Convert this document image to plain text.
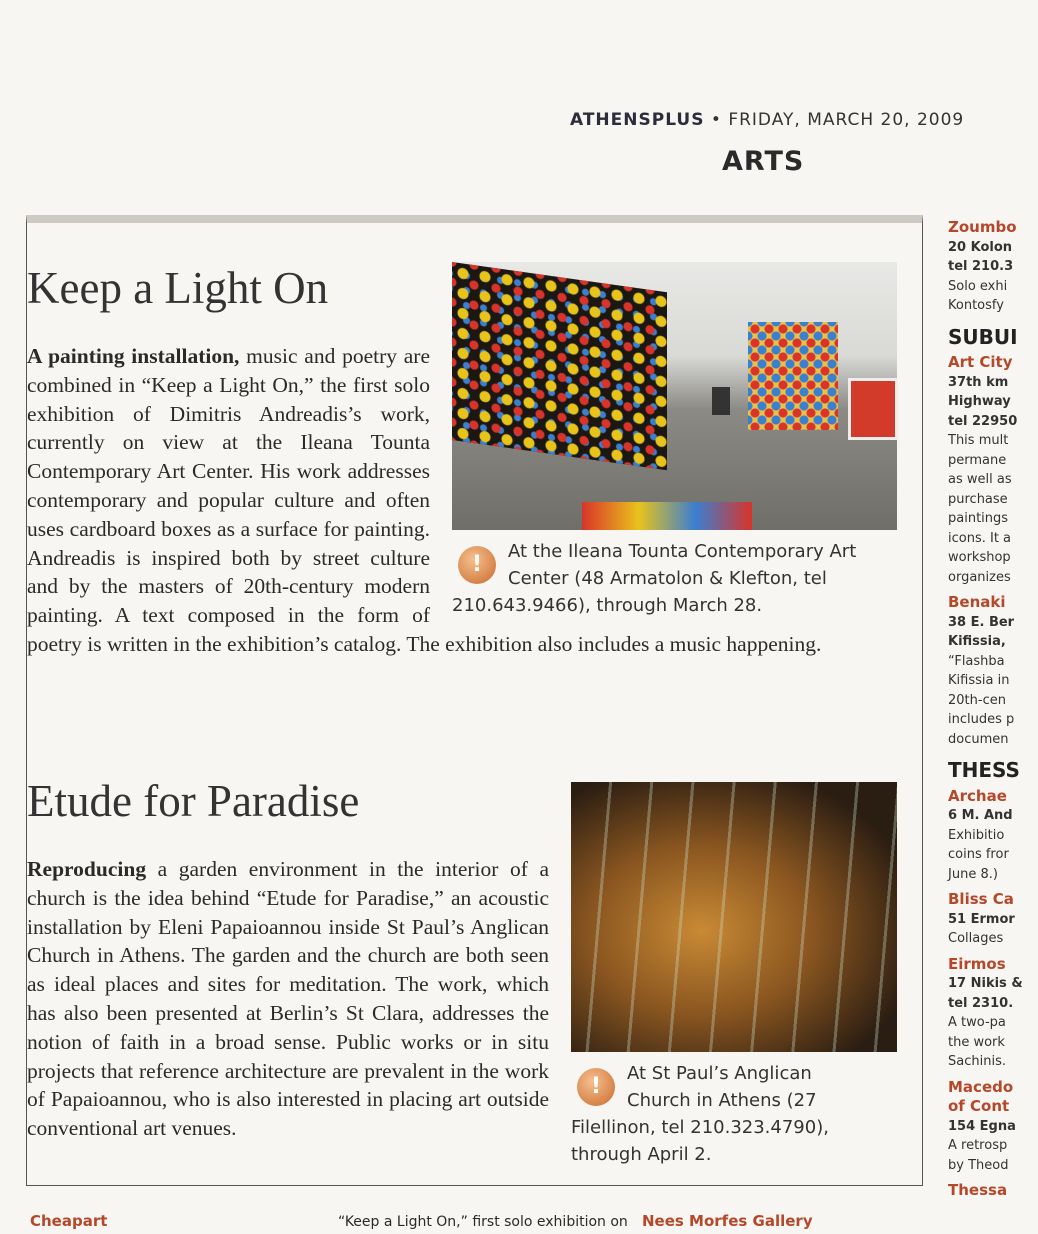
ATHENSPLUS • FRIDAY, MARCH 20, 2009
ARTS
!
At the Ileana Tounta Contemporary Art Center (48 Armatolon & Klefton, tel 210.643.9466), through March 28.
Keep a Light On

A painting installation, music and poetry are combined in “Keep a Light On,” the first solo exhibition of Dimitris Andreadis’s work, currently on view at the Ileana Tounta Contemporary Art Center. His work addresses contemporary and popular culture and often uses cardboard boxes as a surface for painting. Andreadis is inspired both by street culture and by the masters of 20th-century modern painting. A text composed in the form of poetry is written in the exhibition’s catalog. The exhibition also includes a music happening.

!
At St Paul’s Anglican Church in Athens (27 Filellinon, tel 210.323.4790), through April 2.
Etude for Paradise

Reproducing a garden environment in the interior of a church is the idea behind “Etude for Paradise,” an acoustic installation by Eleni Papaioannou inside St Paul’s Anglican Church in Athens. The garden and the church are both seen as ideal places and sites for meditation. The work, which has also been presented at Berlin’s St Clara, addresses the notion of faith in a broad sense. Public works or in situ projects that reference architecture are prevalent in the work of Papaioannou, who is also interested in placing art outside conventional art venues.

Zoumbo
20 Kolon
tel 210.3
Solo exhi
Kontosfy
SUBUI
Art City
37th km
Highway
tel 22950
This mult
permane
as well as
purchase
paintings
icons. It a
workshop
organizes
Benaki
38 E. Ber
Kifissia,
“Flashba
Kifissia in
20th-cen
includes p
documen
THESS
Archae
6 M. And
Exhibitio
coins fror
June 8.)
Bliss Ca
51 Ermor
Collages
Eirmos
17 Nikis &
tel 2310.
A two-pa
the work
Sachinis.
Macedo
of Cont
154 Egna
A retrosp
by Theod
Thessa
Cheapart	“Keep a Light On,” first solo exhibition on Nees Morfes Gallery
